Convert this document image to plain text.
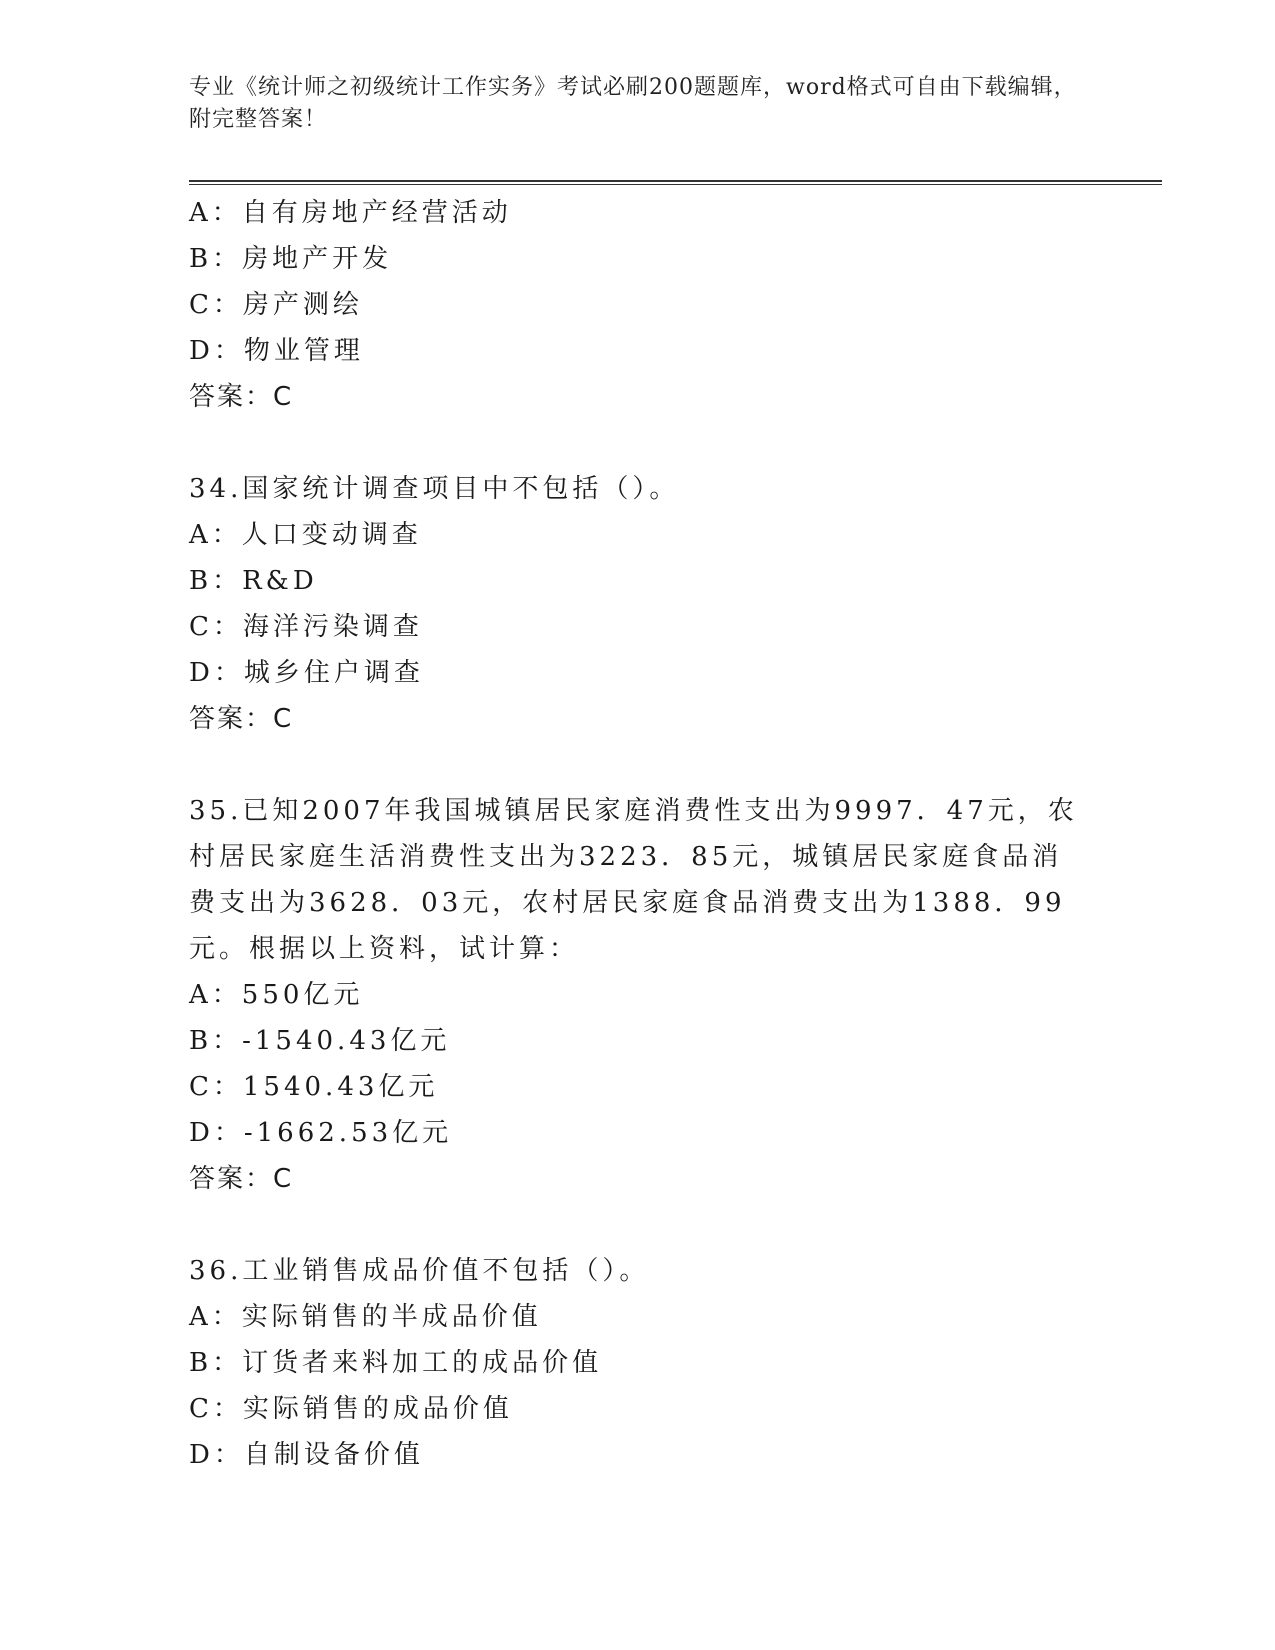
专业《统计师之初级统计工作实务》考试必刷200题题库，word格式可自由下载编辑，附完整答案！
A：自有房地产经营活动
B：房地产开发
C：房产测绘
D：物业管理
答案：C
34.国家统计调查项目中不包括（）。
A：人口变动调查
B：R&D
C：海洋污染调查
D：城乡住户调查
答案：C
35.已知2007年我国城镇居民家庭消费性支出为9997．47元，农村居民家庭生活消费性支出为3223．85元，城镇居民家庭食品消费支出为3628．03元，农村居民家庭食品消费支出为1388．99元。根据以上资料，试计算：
A：550亿元
B：-1540.43亿元
C：1540.43亿元
D：-1662.53亿元
答案：C
36.工业销售成品价值不包括（）。
A：实际销售的半成品价值
B：订货者来料加工的成品价值
C：实际销售的成品价值
D：自制设备价值
